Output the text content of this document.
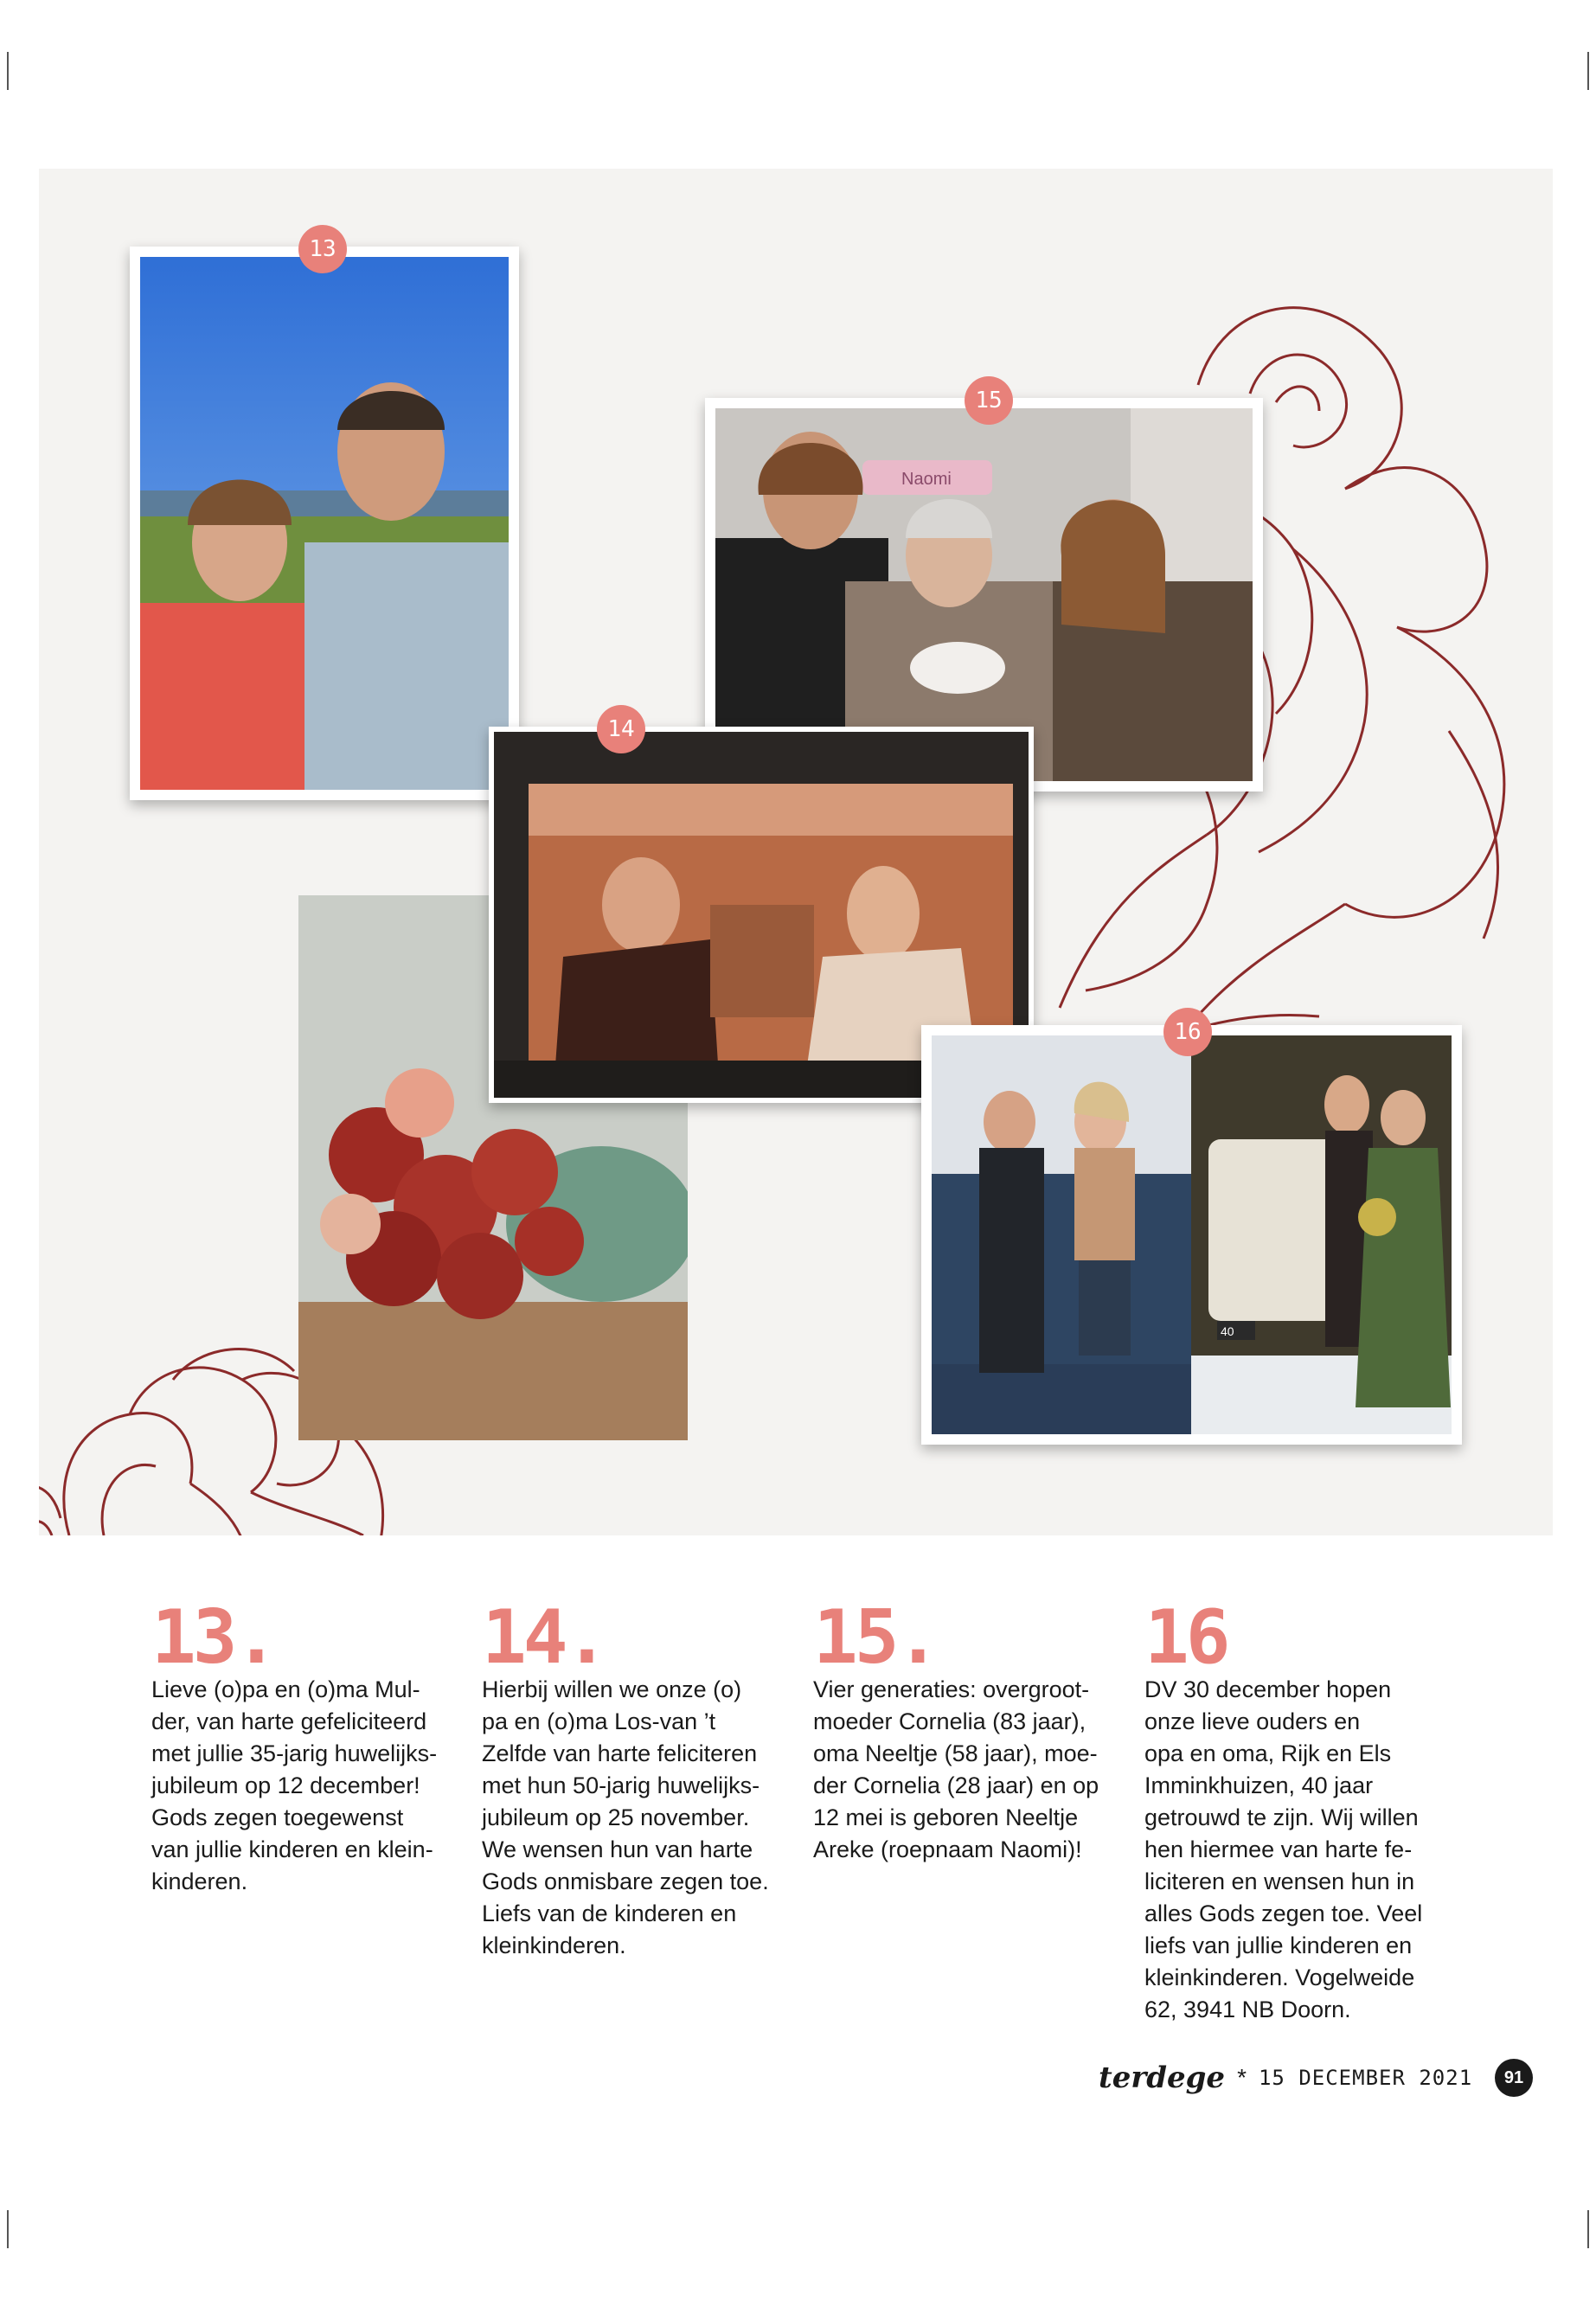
13
Naomi
15
14
40
16
13.
Lieve (o)pa en (o)ma Mul-
der, van harte gefeliciteerd
met jullie 35-jarig huwelijks-
jubileum op 12 december!
Gods zegen toegewenst
van jullie kinderen en klein-
kinderen.
14.
Hierbij willen we onze (o)
pa en (o)ma Los-van ’t
Zelfde van harte feliciteren
met hun 50-jarig huwelijks-
jubileum op 25 november.
We wensen hun van harte
Gods onmisbare zegen toe.
Liefs van de kinderen en
kleinkinderen.
15.
Vier generaties: overgroot-
moeder Cornelia (83 jaar),
oma Neeltje (58 jaar), moe-
der Cornelia (28 jaar) en op
12 mei is geboren Neeltje
Areke (roepnaam Naomi)!
16
DV 30 december hopen
onze lieve ouders en
opa en oma, Rijk en Els
Imminkhuizen, 40 jaar
getrouwd te zijn. Wij willen
hen hiermee van harte fe-
liciteren en wensen hun in
alles Gods zegen toe. Veel
liefs van jullie kinderen en
kleinkinderen. Vogelweide
62, 3941 NB Doorn.
terdege * 15 DECEMBER 2021	91
